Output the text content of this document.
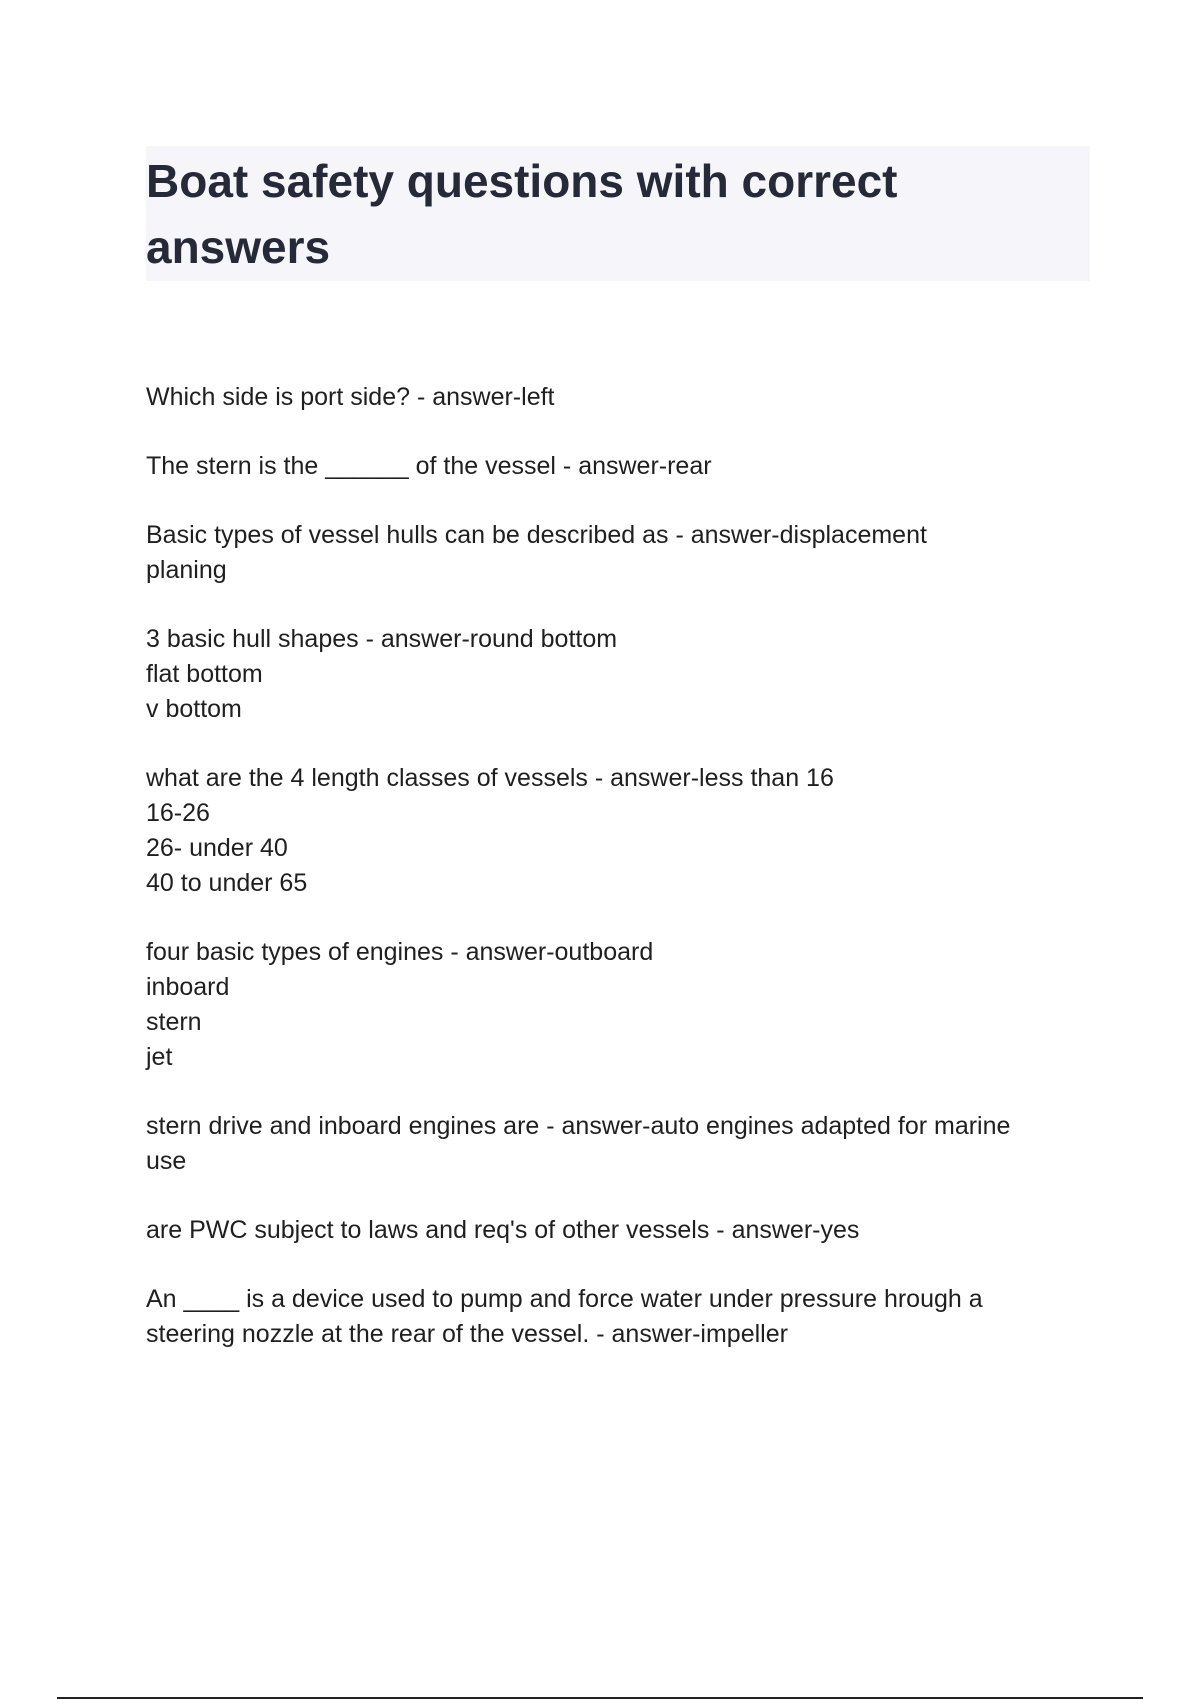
Boat safety questions with correct answers
Which side is port side? - answer-left
The stern is the ______ of the vessel - answer-rear
Basic types of vessel hulls can be described as - answer-displacement
planing
3 basic hull shapes - answer-round bottom
flat bottom
v bottom
what are the 4 length classes of vessels - answer-less than 16
16-26
26- under 40
40 to under 65
four basic types of engines - answer-outboard
inboard
stern
jet
stern drive and inboard engines are - answer-auto engines adapted for marine
use
are PWC subject to laws and req's of other vessels - answer-yes
An ____ is a device used to pump and force water under pressure hrough a
steering nozzle at the rear of the vessel. - answer-impeller
